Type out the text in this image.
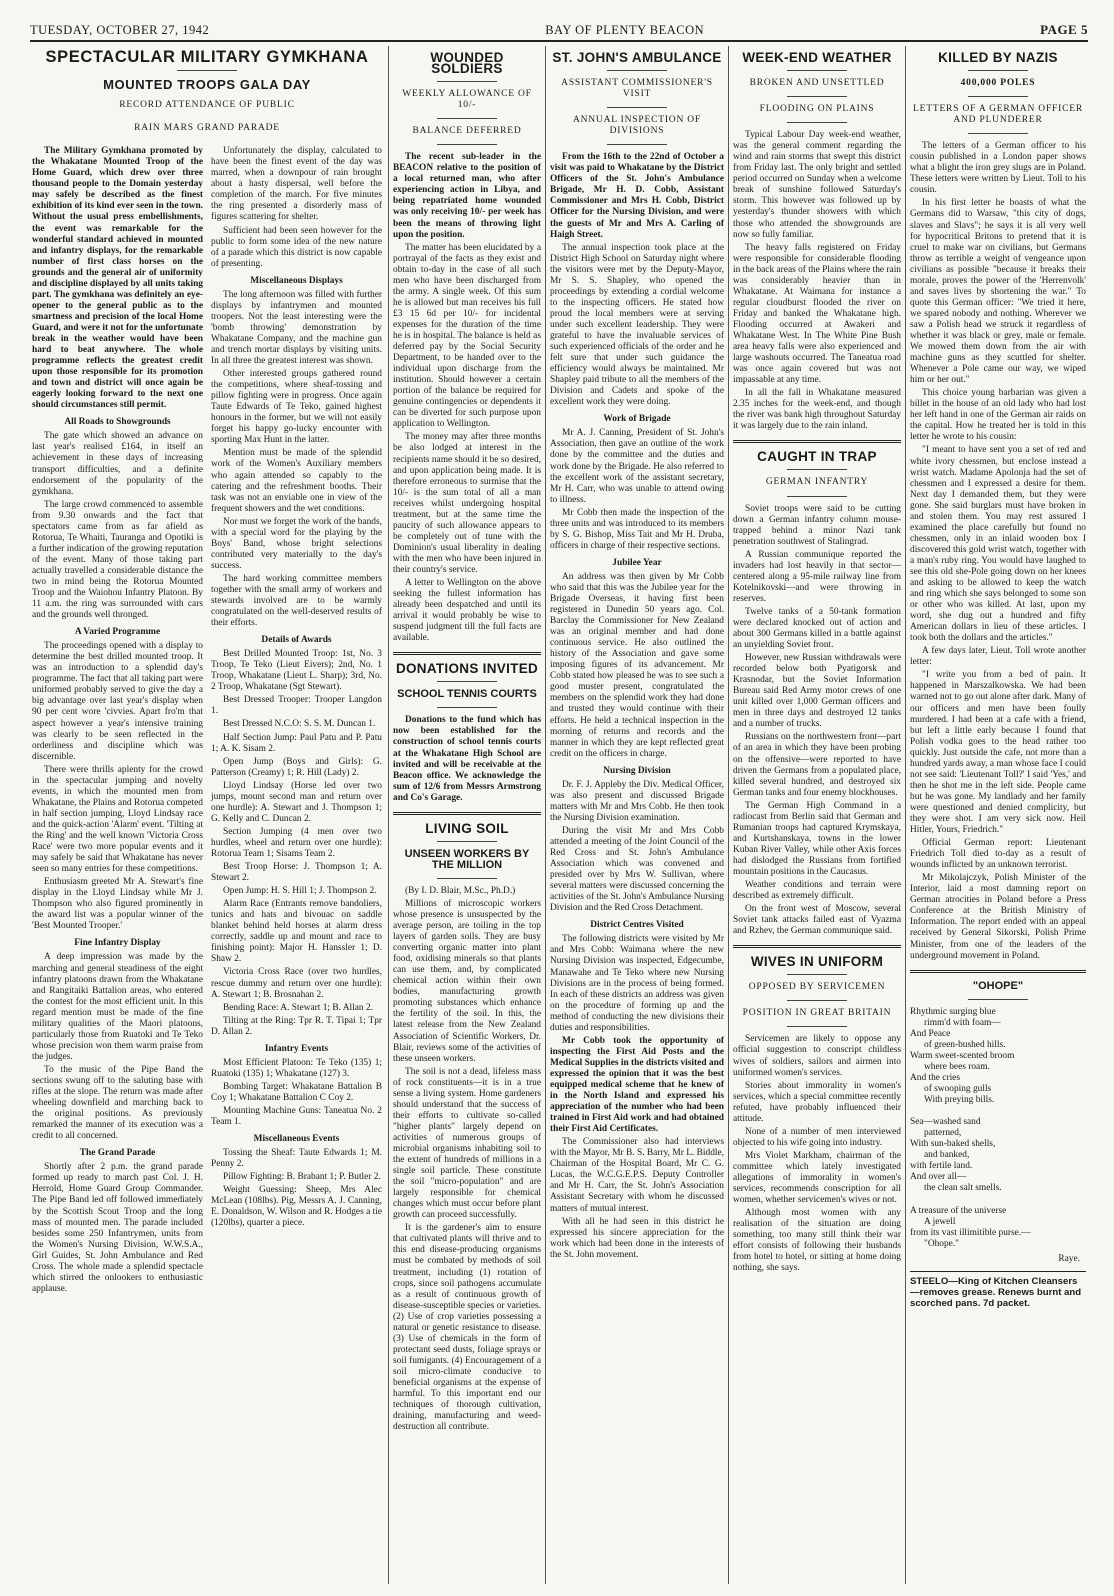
TUESDAY, OCTOBER 27, 1942	BAY OF PLENTY BEACON	PAGE 5
SPECTACULAR MILITARY GYMKHANA
MOUNTED TROOPS GALA DAY
RECORD ATTENDANCE OF PUBLIC
RAIN MARS GRAND PARADE

The Military Gymkhana promoted by the Whakatane Mounted Troop of the Home Guard, which drew over three thousand people to the Domain yesterday may safely be described as the finest exhibition of its kind ever seen in the town. Without the usual press embellishments, the event was remarkable for the wonderful standard achieved in mounted and infantry displays, for the remarkable number of first class horses on the grounds and the general air of uniformity and discipline displayed by all units taking part. The gymkhana was definitely an eye-opener to the general public as to the smartness and precision of the local Home Guard, and were it not for the unfortunate break in the weather would have been hard to beat anywhere. The whole programme reflects the greatest credit upon those responsible for its promotion and town and district will once again be eagerly looking forward to the next one should circumstances still permit.

All Roads to Showgrounds

The gate which showed an advance on last year's realised £164, in itself an achievement in these days of increasing transport difficulties, and a definite endorsement of the popularity of the gymkhana.

The large crowd commenced to assemble from 9.30 onwards and the fact that spectators came from as far afield as Rotorua, Te Whaiti, Tauranga and Opotiki is a further indication of the growing reputation of the event. Many of those taking part actually travelled a considerable distance the two in mind being the Rotorua Mounted Troop and the Waiohou Infantry Platoon. By 11 a.m. the ring was surrounded with cars and the grounds well thronged.

A Varied Programme

The proceedings opened with a display to determine the best drilled mounted troop. It was an introduction to a splendid day's programme. The fact that all taking part were uniformed probably served to give the day a big advantage over last year's display when 90 per cent wore 'civvies. Apart fro'm that aspect however a year's intensive training was clearly to be seen reflected in the orderliness and discipline which was discernible.

There were thrills aplenty for the crowd in the spectacular jumping and novelty events, in which the mounted men from Whakatane, the Plains and Rotorua competed in half section jumping, Lloyd Lindsay race and the quick-action 'Alarm' event. 'Tilting at the Ring' and the well known 'Victoria Cross Race' were two more popular events and it may safely be said that Whakatane has never seen so many entries for these competitions.

Enthusiasm greeted Mr A. Stewart's fine display in the Lloyd Lindsay while Mr J. Thompson who also figured prominently in the award list was a popular winner of the 'Best Mounted Trooper.'

Fine Infantry Display

A deep impression was made by the marching and general steadiness of the eight infantry platoons drawn from the Whakatane and Rangitaiki Battalion areas, who entered the contest for the most efficient unit. In this regard mention must be made of the fine military qualities of the Maori platoons, particularly those from Ruatoki and Te Teko whose precision won them warm praise from the judges.

To the music of the Pipe Band the sections swung off to the saluting base with rifles at the slope. The return was made after wheeling downfield and marching back to the original positions. As previously remarked the manner of its execution was a credit to all concerned.

The Grand Parade

Shortly after 2 p.m. the grand parade formed up ready to march past Col. J. H. Herrold, Home Guard Group Commander. The Pipe Band led off followed immediately by the Scottish Scout Troop and the long mass of mounted men. The parade included besides some 250 Infantrymen, units from the Women's Nursing Division, W.W.S.A., Girl Guides, St. John Ambulance and Red Cross. The whole made a splendid spectacle which stirred the onlookers to enthusiastic applause.

Unfortunately the display, calculated to have been the finest event of the day was marred, when a downpour of rain brought about a hasty dispersal, well before the completion of the march. For five minutes the ring presented a disorderly mass of figures scattering for shelter.

Sufficient had been seen however for the public to form some idea of the new nature of a parade which this district is now capable of presenting.

Miscellaneous Displays

The long afternoon was filled with further displays by infantrymen and mounted troopers. Not the least interesting were the 'bomb throwing' demonstration by Whakatane Company, and the machine gun and trench mortar displays by visiting units. In all three the greatest interest was shown.

Other interested groups gathered round the competitions, where sheaf-tossing and pillow fighting were in progress. Once again Taute Edwards of Te Teko, gained highest honours in the former, but we will not easily forget his happy go-lucky encounter with sporting Max Hunt in the latter.

Mention must be made of the splendid work of the Women's Auxiliary members who again attended so capably to the catering and the refreshment booths. Their task was not an enviable one in view of the frequent showers and the wet conditions.

Nor must we forget the work of the bands, with a special word for the playing by the Boys' Band, whose bright selections contributed very materially to the day's success.

The hard working committee members together with the small army of workers and stewards involved are to be warmly congratulated on the well-deserved results of their efforts.

Details of Awards

Best Drilled Mounted Troop: 1st, No. 3 Troop, Te Teko (Lieut Eivers); 2nd, No. 1 Troop, Whakatane (Lieut L. Sharp); 3rd, No. 2 Troop, Whakatane (Sgt Stewart).

Best Dressed Trooper: Trooper Langdon 1.

Best Dressed N.C.O: S. S. M. Duncan 1.

Half Section Jump: Paul Patu and P. Patu 1; A. K. Sisam 2.

Open Jump (Boys and Girls): G. Patterson (Creamy) 1; R. Hill (Lady) 2.

Lloyd Lindsay (Horse led over two jumps, mount second man and return over one hurdle): A. Stewart and J. Thompson 1; G. Kelly and C. Duncan 2.

Section Jumping (4 men over two hurdles, wheel and return over one hurdle): Rotorua Team 1; Sisams Team 2.

Best Troop Horse: J. Thompson 1; A. Stewart 2.

Open Jump: H. S. Hill 1; J. Thompson 2.

Alarm Race (Entrants remove bandoliers, tunics and hats and bivouac on saddle blanket behind held horses at alarm dress correctly, saddle up and mount and race to finishing point): Major H. Hanssler 1; D. Shaw 2.

Victoria Cross Race (over two hurdles, rescue dummy and return over one hurdle): A. Stewart 1; B. Brosnahan 2.

Bending Race: A. Stewart 1; B. Allan 2.

Tilting at the Ring: Tpr R. T. Tipai 1; Tpr D. Allan 2.

Infantry Events

Most Efficient Platoon: Te Teko (135) 1; Ruatoki (135) 1; Whakatane (127) 3.

Bombing Target: Whakatane Battalion B Coy 1; Whakatane Battalion C Coy 2.

Mounting Machine Guns: Taneatua No. 2 Team 1.

Miscellaneous Events

Tossing the Sheaf: Taute Edwards 1; M. Penny 2.

Pillow Fighting: B. Brabant 1; P. Butler 2.

Weight Guessing: Sheep, Mrs Alec McLean (108lbs). Pig, Messrs A. J. Canning, E. Donaldson, W. Wilson and R. Hodges a tie (120lbs), quarter a piece.

WOUNDED SOLDIERS
WEEKLY ALLOWANCE OF 10/-
BALANCE DEFERRED

The recent sub-leader in the BEACON relative to the position of a local returned man, who after experiencing action in Libya, and being repatriated home wounded was only receiving 10/- per week has been the means of throwing light upon the position.

The matter has been elucidated by a portrayal of the facts as they exist and obtain to-day in the case of all such men who have been discharged from the army. A single week. Of this sum he is allowed but man receives his full £3 15 6d per 10/- for incidental expenses for the duration of the time he is in hospital. The balance is held as deferred pay by the Social Security Department, to be handed over to the individual upon discharge from the institution. Should however a certain portion of the balance be required for genuine contingencies or dependents it can be diverted for such purpose upon application to Wellington.

The money may after three months be also lodged at interest in the recipients name should it be so desired, and upon application being made. It is therefore erroneous to surmise that the 10/- is the sum total of all a man receives whilst undergoing hospital treatment, but at the same time the paucity of such allowance appears to be completely out of tune with the Dominion's usual liberality in dealing with the men who have been injured in their country's service.

A letter to Wellington on the above seeking the fullest information has already been despatched and until its arrival it would probably be wise to suspend judgment till the full facts are available.

DONATIONS INVITED
SCHOOL TENNIS COURTS

Donations to the fund which has now been established for the construction of school tennis courts at the Whakatane High School are invited and will be receivable at the Beacon office. We acknowledge the sum of 12/6 from Messrs Armstrong and Co's Garage.

LIVING SOIL
UNSEEN WORKERS BY THE MILLION

(By I. D. Blair, M.Sc., Ph.D.)

Millions of microscopic workers whose presence is unsuspected by the average person, are toiling in the top layers of garden soils. They are busy converting organic matter into plant food, oxidising minerals so that plants can use them, and, by complicated chemical action within their own bodies, manufacturing growth promoting substances which enhance the fertility of the soil. In this, the latest release from the New Zealand Association of Scientific Workers, Dr. Blair, reviews some of the activities of these unseen workers.

The soil is not a dead, lifeless mass of rock constituents—it is in a true sense a living system. Home gardeners should understand that the success of their efforts to cultivate so-called "higher plants" largely depend on activities of numerous groups of microbial organisms inhabiting soil to the extent of hundreds of millions in a single soil particle. These constitute the soil "micro-population" and are largely responsible for chemical changes which must occur before plant growth can proceed successfully.

It is the gardener's aim to ensure that cultivated plants will thrive and to this end disease-producing organisms must be combated by methods of soil treatment, including (1) rotation of crops, since soil pathogens accumulate as a result of continuous growth of disease-susceptible species or varieties. (2) Use of crop varieties possessing a natural or genetic resistance to disease. (3) Use of chemicals in the form of protectant seed dusts, foliage sprays or soil fumigants. (4) Encouragement of a soil micro-climate conducive to beneficial organisms at the expense of harmful. To this important end our techniques of thorough cultivation, draining, manufacturing and weed-destruction all contribute.

ST. JOHN'S AMBULANCE
ASSISTANT COMMISSIONER'S VISIT
ANNUAL INSPECTION OF DIVISIONS

From the 16th to the 22nd of October a visit was paid to Whakatane by the District Officers of the St. John's Ambulance Brigade, Mr H. D. Cobb, Assistant Commissioner and Mrs H. Cobb, District Officer for the Nursing Division, and were the guests of Mr and Mrs A. Carling of Haigh Street.

The annual inspection took place at the District High School on Saturday night where the visitors were met by the Deputy-Mayor, Mr S. S. Shapley, who opened the proceedings by extending a cordial welcome to the inspecting officers. He stated how proud the local members were at serving under such excellent leadership. They were grateful to have the invaluable services of such experienced officials of the order and he felt sure that under such guidance the efficiency would always be maintained. Mr Shapley paid tribute to all the members of the Division and Cadets and spoke of the excellent work they were doing.

Work of Brigade

Mr A. J. Canning, President of St. John's Association, then gave an outline of the work done by the committee and the duties and work done by the Brigade. He also referred to the excellent work of the assistant secretary, Mr H. Carr, who was unable to attend owing to illness.

Mr Cobb then made the inspection of the three units and was introduced to its members by S. G. Bishop, Miss Tait and Mr H. Druba, officers in charge of their respective sections.

Jubilee Year

An address was then given by Mr Cobb who said that this was the Jubilee year for the Brigade Overseas, it having first been registered in Dunedin 50 years ago. Col. Barclay the Commissioner for New Zealand was an original member and had done continuous service. He also outlined the history of the Association and gave some imposing figures of its advancement. Mr Cobb stated how pleased he was to see such a good muster present, congratulated the members on the splendid work they had done and trusted they would continue with their efforts. He held a technical inspection in the morning of returns and records and the manner in which they are kept reflected great credit on the officers in charge.

Nursing Division

Dr. F. J. Appleby the Div. Medical Officer, was also present and discussed Brigade matters with Mr and Mrs Cobb. He then took the Nursing Division examination.

During the visit Mr and Mrs Cobb attended a meeting of the Joint Council of the Red Cross and St. John's Ambulance Association which was convened and presided over by Mrs W. Sullivan, where several matters were discussed concerning the activities of the St. John's Ambulance Nursing Division and the Red Cross Detachment.

District Centres Visited

The following districts were visited by Mr and Mrs Cobb: Waimana where the new Nursing Division was inspected, Edgecumbe, Manawahe and Te Teko where new Nursing Divisions are in the process of being formed. In each of these districts an address was given on the procedure of forming up and the method of conducting the new divisions their duties and responsibilities.

Mr Cobb took the opportunity of inspecting the First Aid Posts and the Medical Supplies in the districts visited and expressed the opinion that it was the best equipped medical scheme that he knew of in the North Island and expressed his appreciation of the number who had been trained in First Aid work and had obtained their First Aid Certificates.

The Commissioner also had interviews with the Mayor, Mr B. S. Barry, Mr L. Biddle, Chairman of the Hospital Board, Mr C. G. Lucas, the W.C.G.E.P.S. Deputy Controller and Mr H. Carr, the St. John's Association Assistant Secretary with whom he discussed matters of mutual interest.

With all he had seen in this district he expressed his sincere appreciation for the work which had been done in the interests of the St. John movement.

WEEK-END WEATHER
BROKEN AND UNSETTLED
FLOODING ON PLAINS

Typical Labour Day week-end weather, was the general comment regarding the wind and rain storms that swept this district from Friday last. The only bright and settled period occurred on Sunday when a welcome break of sunshine followed Saturday's storm. This however was followed up by yesterday's thunder showers with which those who attended the showgrounds are now so fully familiar.

The heavy falls registered on Friday were responsible for considerable flooding in the back areas of the Plains where the rain was considerably heavier than in Whakatane. At Waimana for instance a regular cloudburst flooded the river on Friday and banked the Whakatane high. Flooding occurred at Awakeri and Whakatane West. In The White Pine Bush area heavy falls were also experienced and large washouts occurred. The Taneatua road was once again covered but was not impassable at any time.

In all the fall in Whakatane measured 2.35 inches for the week-end, and though the river was bank high throughout Saturday it was largely due to the rain inland.

CAUGHT IN TRAP
GERMAN INFANTRY

Soviet troops were said to be cutting down a German infantry column mouse-trapped behind a minor Nazi tank penetration southwest of Stalingrad.

A Russian communique reported the invaders had lost heavily in that sector—centered along a 95-mile railway line from Kotelnikovski—and were throwing in reserves.

Twelve tanks of a 50-tank formation were declared knocked out of action and about 300 Germans killed in a battle against an unyielding Soviet front.

However, new Russian withdrawals were recorded below both Pyatigorsk and Krasnodar, but the Soviet Information Bureau said Red Army motor crews of one unit killed over 1,000 German officers and men in three days and destroyed 12 tanks and a number of trucks.

Russians on the northwestern front—part of an area in which they have been probing on the offensive—were reported to have driven the Germans from a populated place, killed several hundred, and destroyed six German tanks and four enemy blockhouses.

The German High Command in a radiocast from Berlin said that German and Rumanian troops had captured Krymskaya, and Kurtshanskaya, towns in the lower Kuban River Valley, while other Axis forces had dislodged the Russians from fortified mountain positions in the Caucasus.

Weather conditions and terrain were described as extremely difficult.

On the front west of Moscow, several Soviet tank attacks failed east of Vyazma and Rzhev, the German communique said.

WIVES IN UNIFORM
OPPOSED BY SERVICEMEN
POSITION IN GREAT BRITAIN

Servicemen are likely to oppose any official suggestion to conscript childless wives of soldiers, sailors and airmen into uniformed women's services.

Stories about immorality in women's services, which a special committee recently refuted, have probably influenced their attitude.

None of a number of men interviewed objected to his wife going into industry.

Mrs Violet Markham, chairman of the committee which lately investigated allegations of immorality in women's services, recommends conscription for all women, whether servicemen's wives or not.

Although most women with any realisation of the situation are doing something, too many still think their war effort consists of following their husbands from hotel to hotel, or sitting at home doing nothing, she says.

KILLED BY NAZIS
400,000 POLES
LETTERS OF A GERMAN OFFICER AND PLUNDERER

The letters of a German officer to his cousin published in a London paper shows what a blight the iron grey slugs are in Poland. These letters were written by Lieut. Toll to his cousin.

In his first letter he boasts of what the Germans did to Warsaw, "this city of dogs, slaves and Slavs"; he says it is all very well for hypocritical Britons to pretend that it is cruel to make war on civilians, but Germans throw as terrible a weight of vengeance upon civilians as possible "because it breaks their morale, proves the power of the 'Herrenvolk' and saves lives by shortening the war." To quote this German officer: "We tried it here, we spared nobody and nothing. Wherever we saw a Polish head we struck it regardless of whether it was black or grey, male or female. We mowed them down from the air with machine guns as they scuttled for shelter. Whenever a Pole came our way, we wiped him or her out."

This choice young barbarian was given a billet in the house of an old lady who had lost her left hand in one of the German air raids on the capital. How he treated her is told in this letter he wrote to his cousin:

"I meant to have sent you a set of red and white ivory chessmen, but enclose instead a wrist watch. Madame Apolonja had the set of chessmen and I expressed a desire for them. Next day I demanded them, but they were gone. She said burglars must have broken in and stolen them. You may rest assured I examined the place carefully but found no chessmen, only in an inlaid wooden box I discovered this gold wrist watch, together with a man's ruby ring. You would have laughed to see this old she-Pole going down on her knees and asking to be allowed to keep the watch and ring which she says belonged to some son or other who was killed. At last, upon my word, she dug out a hundred and fifty American dollars in lieu of these articles. I took both the dollars and the articles."

A few days later, Lieut. Toll wrote another letter:

"I write you from a bed of pain. It happened in Marszalkowska. We had been warned not to go out alone after dark. Many of our officers and men have been foully murdered. I had been at a cafe with a friend, but left a little early because I found that Polish vodka goes to the head rather too quickly. Just outside the cafe, not more than a hundred yards away, a man whose face I could not see said: 'Lieutenant Toll?' I said 'Yes,' and then he shot me in the left side. People came but he was gone. My landlady and her family were questioned and denied complicity, but they were shot. I am very sick now. Heil Hitler, Yours, Friedrich."

Official German report: Lieutenant Friedrich Toll died to-day as a result of wounds inflicted by an unknown terrorist.

Mr Mikolajczyk, Polish Minister of the Interior, laid a most damning report on German atrocities in Poland before a Press Conference at the British Ministry of Information. The report ended with an appeal received by General Sikorski, Polish Prime Minister, from one of the leaders of the underground movement in Poland.

"OHOPE"

Rhythmic surging blue

rimm'd with foam—

And Peace

of green-bushed hills.

Warm sweet-scented broom

where bees roam.

And the cries

of swooping gulls

With preying bills.

Sea—washed sand

patterned,

With sun-baked shells,

and banked,

with fertile land.

And over all—

the clean salt smells.

A treasure of the universe

A jewell

from its vast illimitible purse.—

"Ohope."

Raye.
STEELO—King of Kitchen Cleansers —removes grease. Renews burnt and scorched pans. 7d packet.
